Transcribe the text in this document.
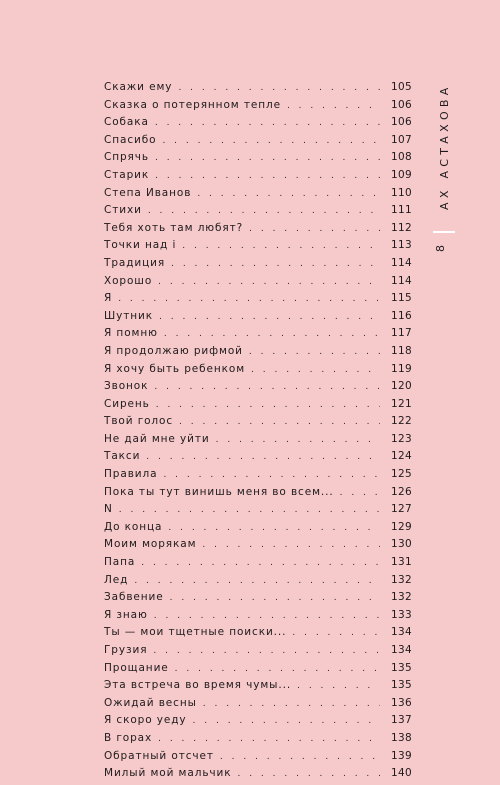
Скажи ему . . .	105
Сказка о потерянном тепле . . .	106
Собака . . .	106
Спасибо . . .	107
Спрячь . . .	108
Старик . . .	109
Степа Иванов . . .	110
Стихи . . .	111
Тебя хоть там любят? . . .	112
Точки над i . . .	113
Традиция . . .	114
Хорошо . . .	114
Я . . .	115
Шутник . . .	116
Я помню . . .	117
Я продолжаю рифмой . . .	118
Я хочу быть ребенком . . .	119
Звонок . . .	120
Сирень . . .	121
Твой голос . . .	122
Не дай мне уйти . . .	123
Такси . . .	124
Правила . . .	125
Пока ты тут винишь меня во всем... . . .	126
N . . .	127
До конца . . .	129
Моим морякам . . .	130
Папа . . .	131
Лед . . .	132
Забвение . . .	132
Я знаю . . .	133
Ты — мои тщетные поиски... . . .	134
Грузия . . .	134
Прощание . . .	135
Эта встреча во время чумы... . . .	135
Ожидай весны . . .	136
Я скоро уеду . . .	137
В горах . . .	138
Обратный отсчет . . .	139
Милый мой мальчик . . .	140
АХ АСТАХОВА
8
